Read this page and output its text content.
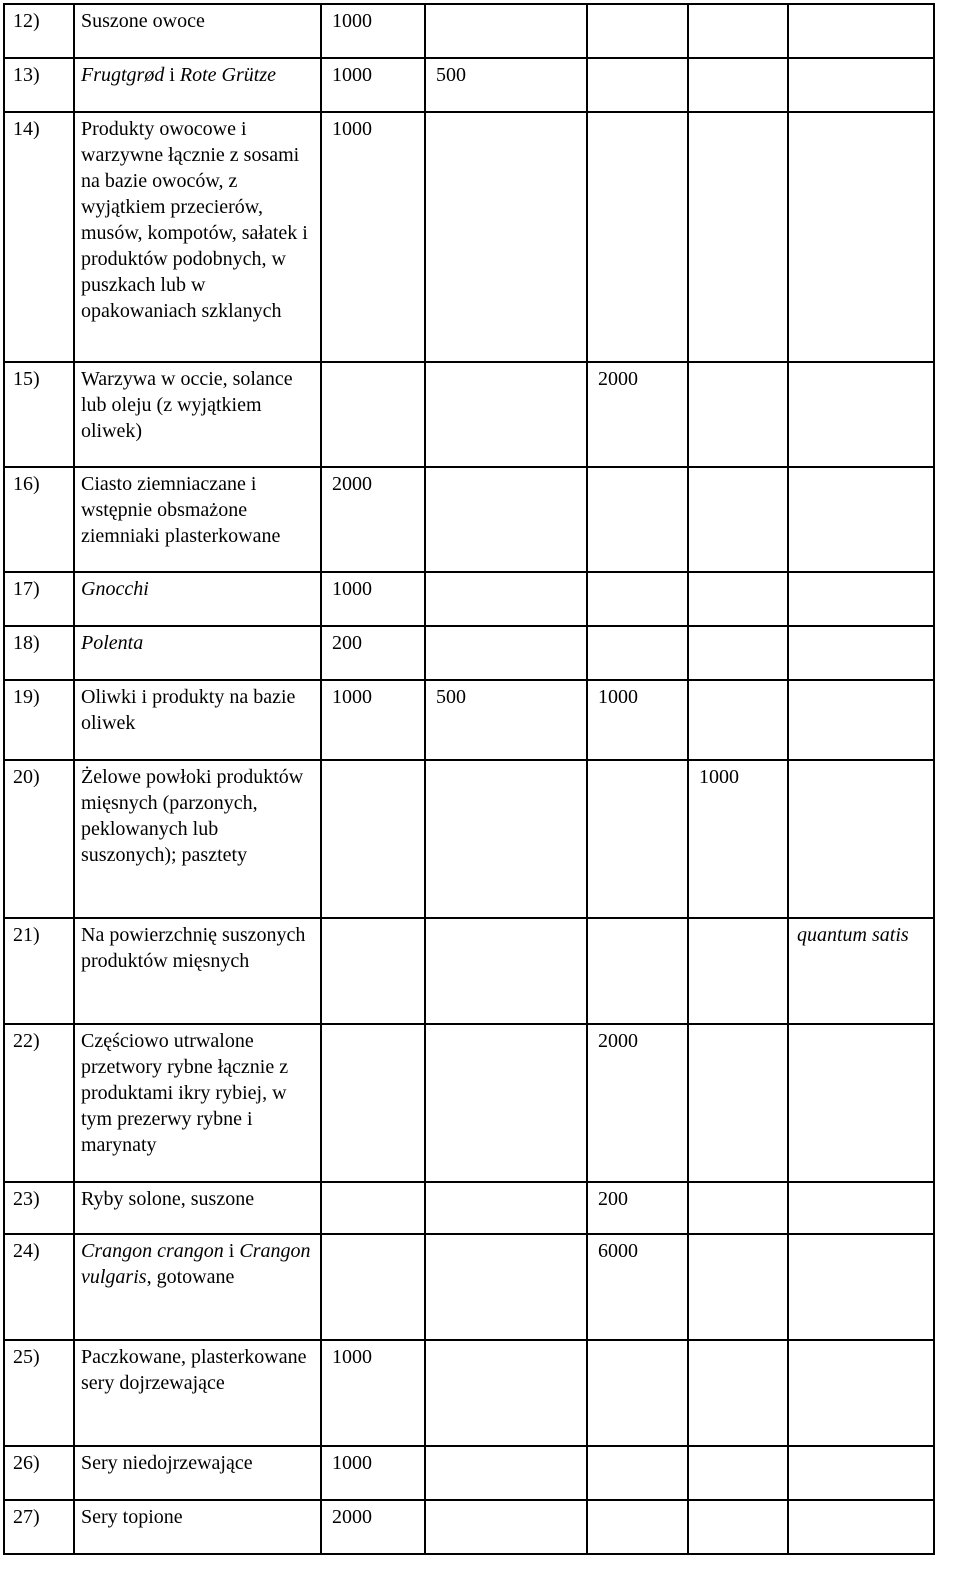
12)	Suszone owoce	1000				
13)	Frugtgrød i Rote Grütze	1000	500			
14)	Produkty owocowe i warzywne łącznie z sosami na bazie owoców, z wyjątkiem przecierów, musów, kompotów, sałatek i produktów podobnych, w puszkach lub w opakowaniach szklanych	1000				
15)	Warzywa w occie, solance lub oleju (z wyjątkiem oliwek)			2000		
16)	Ciasto ziemniaczane i wstępnie obsmażone ziemniaki plasterkowane	2000				
17)	Gnocchi	1000				
18)	Polenta	200				
19)	Oliwki i produkty na bazie oliwek	1000	500	1000		
20)	Żelowe powłoki produktów mięsnych (parzonych, peklowanych lub suszonych); pasztety				1000	
21)	Na powierzchnię suszonych produktów mięsnych					quantum satis
22)	Częściowo utrwalone przetwory rybne łącznie z produktami ikry rybiej, w tym prezerwy rybne i marynaty			2000		
23)	Ryby solone, suszone			200		
24)	Crangon crangon i Crangon vulgaris, gotowane			6000		
25)	Paczkowane, plasterkowane sery dojrzewające	1000				
26)	Sery niedojrzewające	1000				
27)	Sery topione	2000				
